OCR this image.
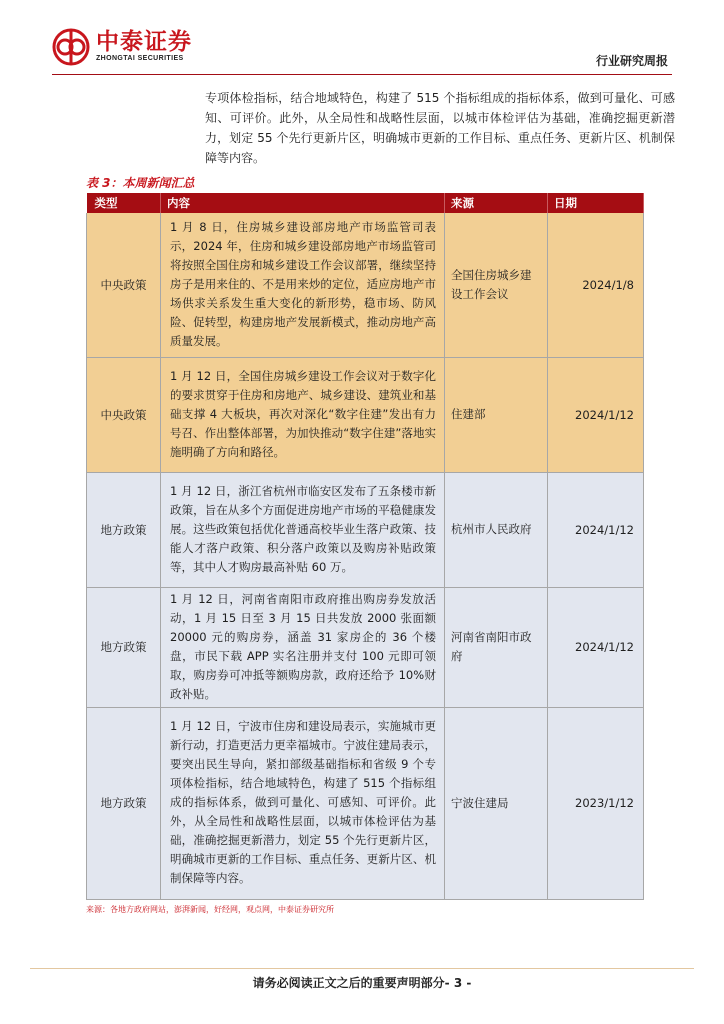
中泰证券
ZHONGTAI SECURITIES	行业研究周报

专项体检指标，结合地域特色，构建了 515 个指标组成的指标体系，做到可量化、可感知、可评价。此外，从全局性和战略性层面，以城市体检评估为基础，准确挖掘更新潜力，划定 55 个先行更新片区，明确城市更新的工作目标、重点任务、更新片区、机制保障等内容。

表 3：本周新闻汇总
类型	内容	来源	日期
中央政策	1 月 8 日，住房城乡建设部房地产市场监管司表示，2024 年，住房和城乡建设部房地产市场监管司将按照全国住房和城乡建设工作会议部署，继续坚持房子是用来住的、不是用来炒的定位，适应房地产市场供求关系发生重大变化的新形势，稳市场、防风险、促转型，构建房地产发展新模式，推动房地产高质量发展。	全国住房城乡建设工作会议	2024/1/8
中央政策	1 月 12 日，全国住房城乡建设工作会议对于数字化的要求贯穿于住房和房地产、城乡建设、建筑业和基础支撑 4 大板块，再次对深化“数字住建”发出有力号召、作出整体部署，为加快推动“数字住建”落地实施明确了方向和路径。	住建部	2024/1/12
地方政策	1 月 12 日，浙江省杭州市临安区发布了五条楼市新政策，旨在从多个方面促进房地产市场的平稳健康发展。这些政策包括优化普通高校毕业生落户政策、技能人才落户政策、积分落户政策以及购房补贴政策等，其中人才购房最高补贴 60 万。	杭州市人民政府	2024/1/12
地方政策	1 月 12 日，河南省南阳市政府推出购房券发放活动，1 月 15 日至 3 月 15 日共发放 2000 张面额 20000 元的购房券，涵盖 31 家房企的 36 个楼盘，市民下载 APP 实名注册并支付 100 元即可领取，购房券可冲抵等额购房款，政府还给予 10%财政补贴。	河南省南阳市政府	2024/1/12
地方政策	1 月 12 日，宁波市住房和建设局表示，实施城市更新行动，打造更活力更幸福城市。宁波住建局表示，要突出民生导向，紧扣部级基础指标和省级 9 个专项体检指标，结合地域特色，构建了 515 个指标组成的指标体系，做到可量化、可感知、可评价。此外，从全局性和战略性层面，以城市体检评估为基础，准确挖掘更新潜力，划定 55 个先行更新片区，明确城市更新的工作目标、重点任务、更新片区、机制保障等内容。	宁波住建局	2023/1/12
来源：各地方政府网站，澎湃新闻，好经网，观点网，中泰证券研究所
请务必阅读正文之后的重要声明部分- 3 -
